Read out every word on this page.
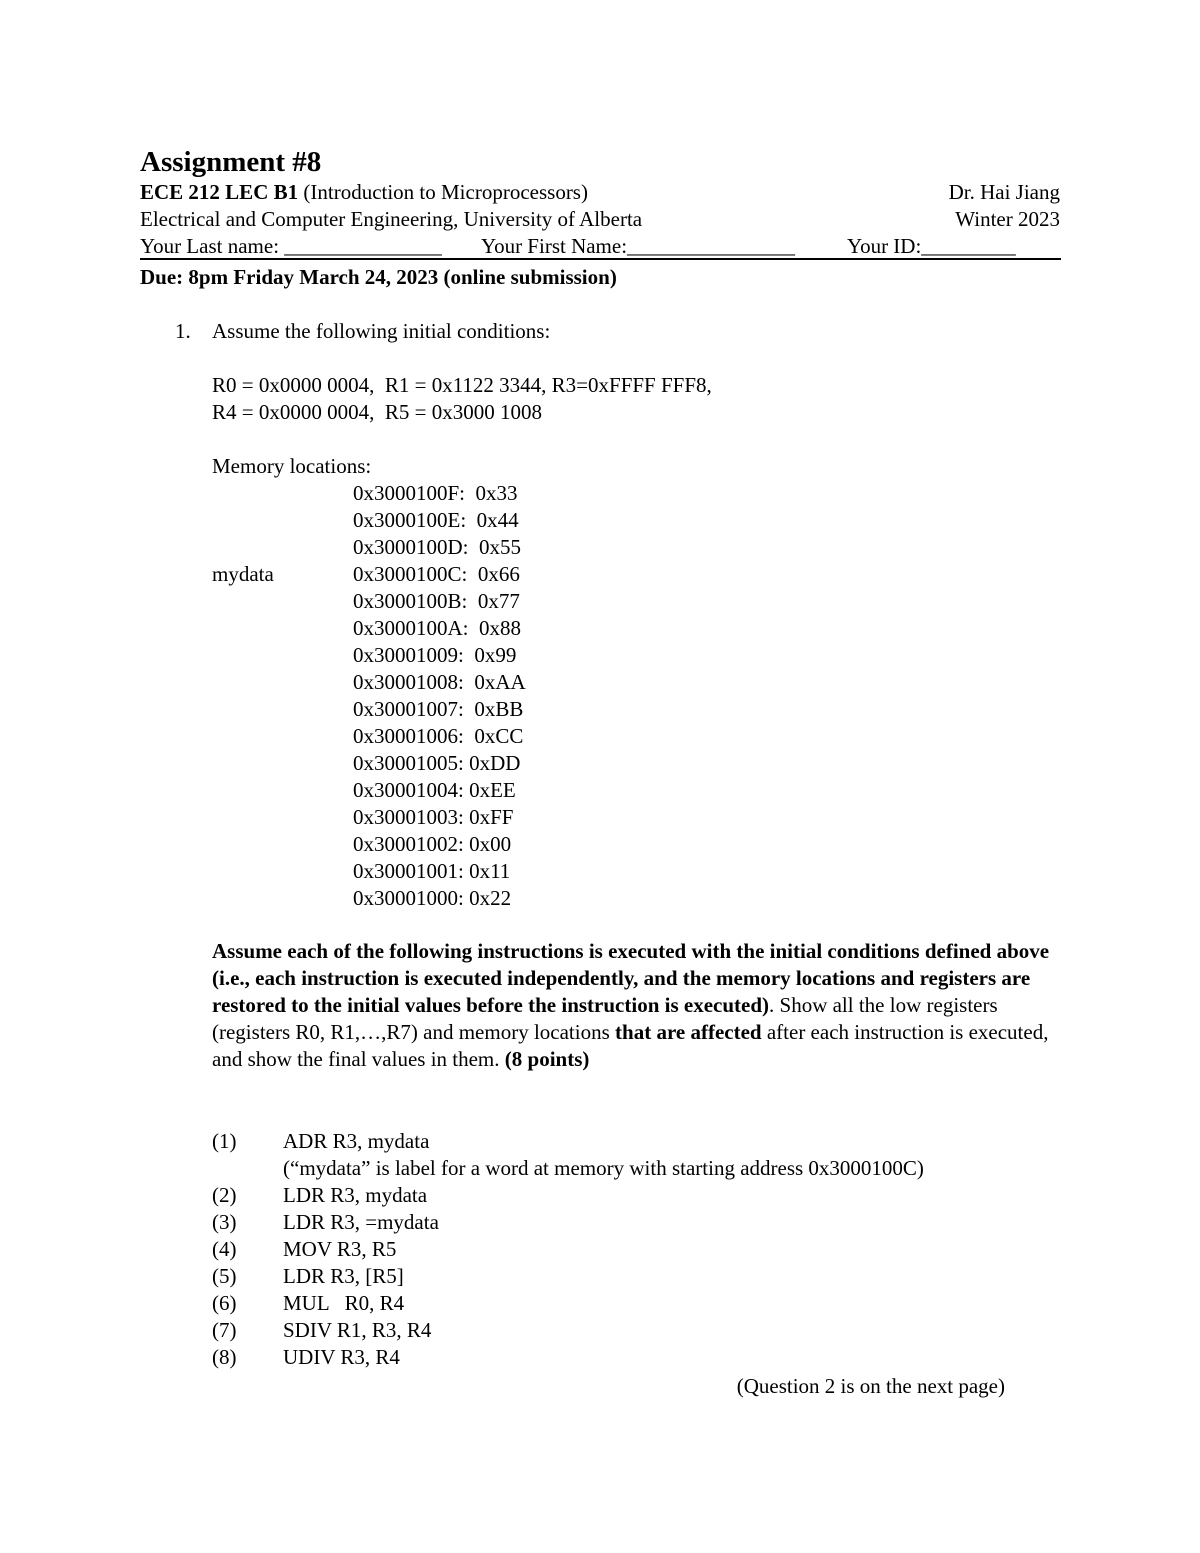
Assignment #8
ECE 212 LEC B1 (Introduction to Microprocessors)	Dr. Hai Jiang
Electrical and Computer Engineering, University of Alberta	Winter 2023
Your Last name: _______________ Your First Name:________________ Your ID:_________
Due: 8pm Friday March 24, 2023 (online submission)
1. Assume the following initial conditions:
R0 = 0x0000 0004,  R1 = 0x1122 3344, R3=0xFFFF FFF8,
R4 = 0x0000 0004,  R5 = 0x3000 1008
Memory locations:
mydata
0x3000100F:  0x33
0x3000100E:  0x44
0x3000100D:  0x55
0x3000100C:  0x66
0x3000100B:  0x77
0x3000100A:  0x88
0x30001009:  0x99
0x30001008:  0xAA
0x30001007:  0xBB
0x30001006:  0xCC
0x30001005: 0xDD
0x30001004: 0xEE
0x30001003: 0xFF
0x30001002: 0x00
0x30001001: 0x11
0x30001000: 0x22
Assume each of the following instructions is executed with the initial conditions defined above (i.e., each instruction is executed independently, and the memory locations and registers are restored to the initial values before the instruction is executed). Show all the low registers (registers R0, R1,…,R7) and memory locations that are affected after each instruction is executed, and show the final values in them. (8 points)
(1) ADR R3, mydata
(“mydata” is label for a word at memory with starting address 0x3000100C)
(2) LDR R3, mydata
(3) LDR R3, =mydata
(4) MOV R3, R5
(5) LDR R3, [R5]
(6) MUL   R0, R4
(7) SDIV R1, R3, R4
(8) UDIV R3, R4
(Question 2 is on the next page)
